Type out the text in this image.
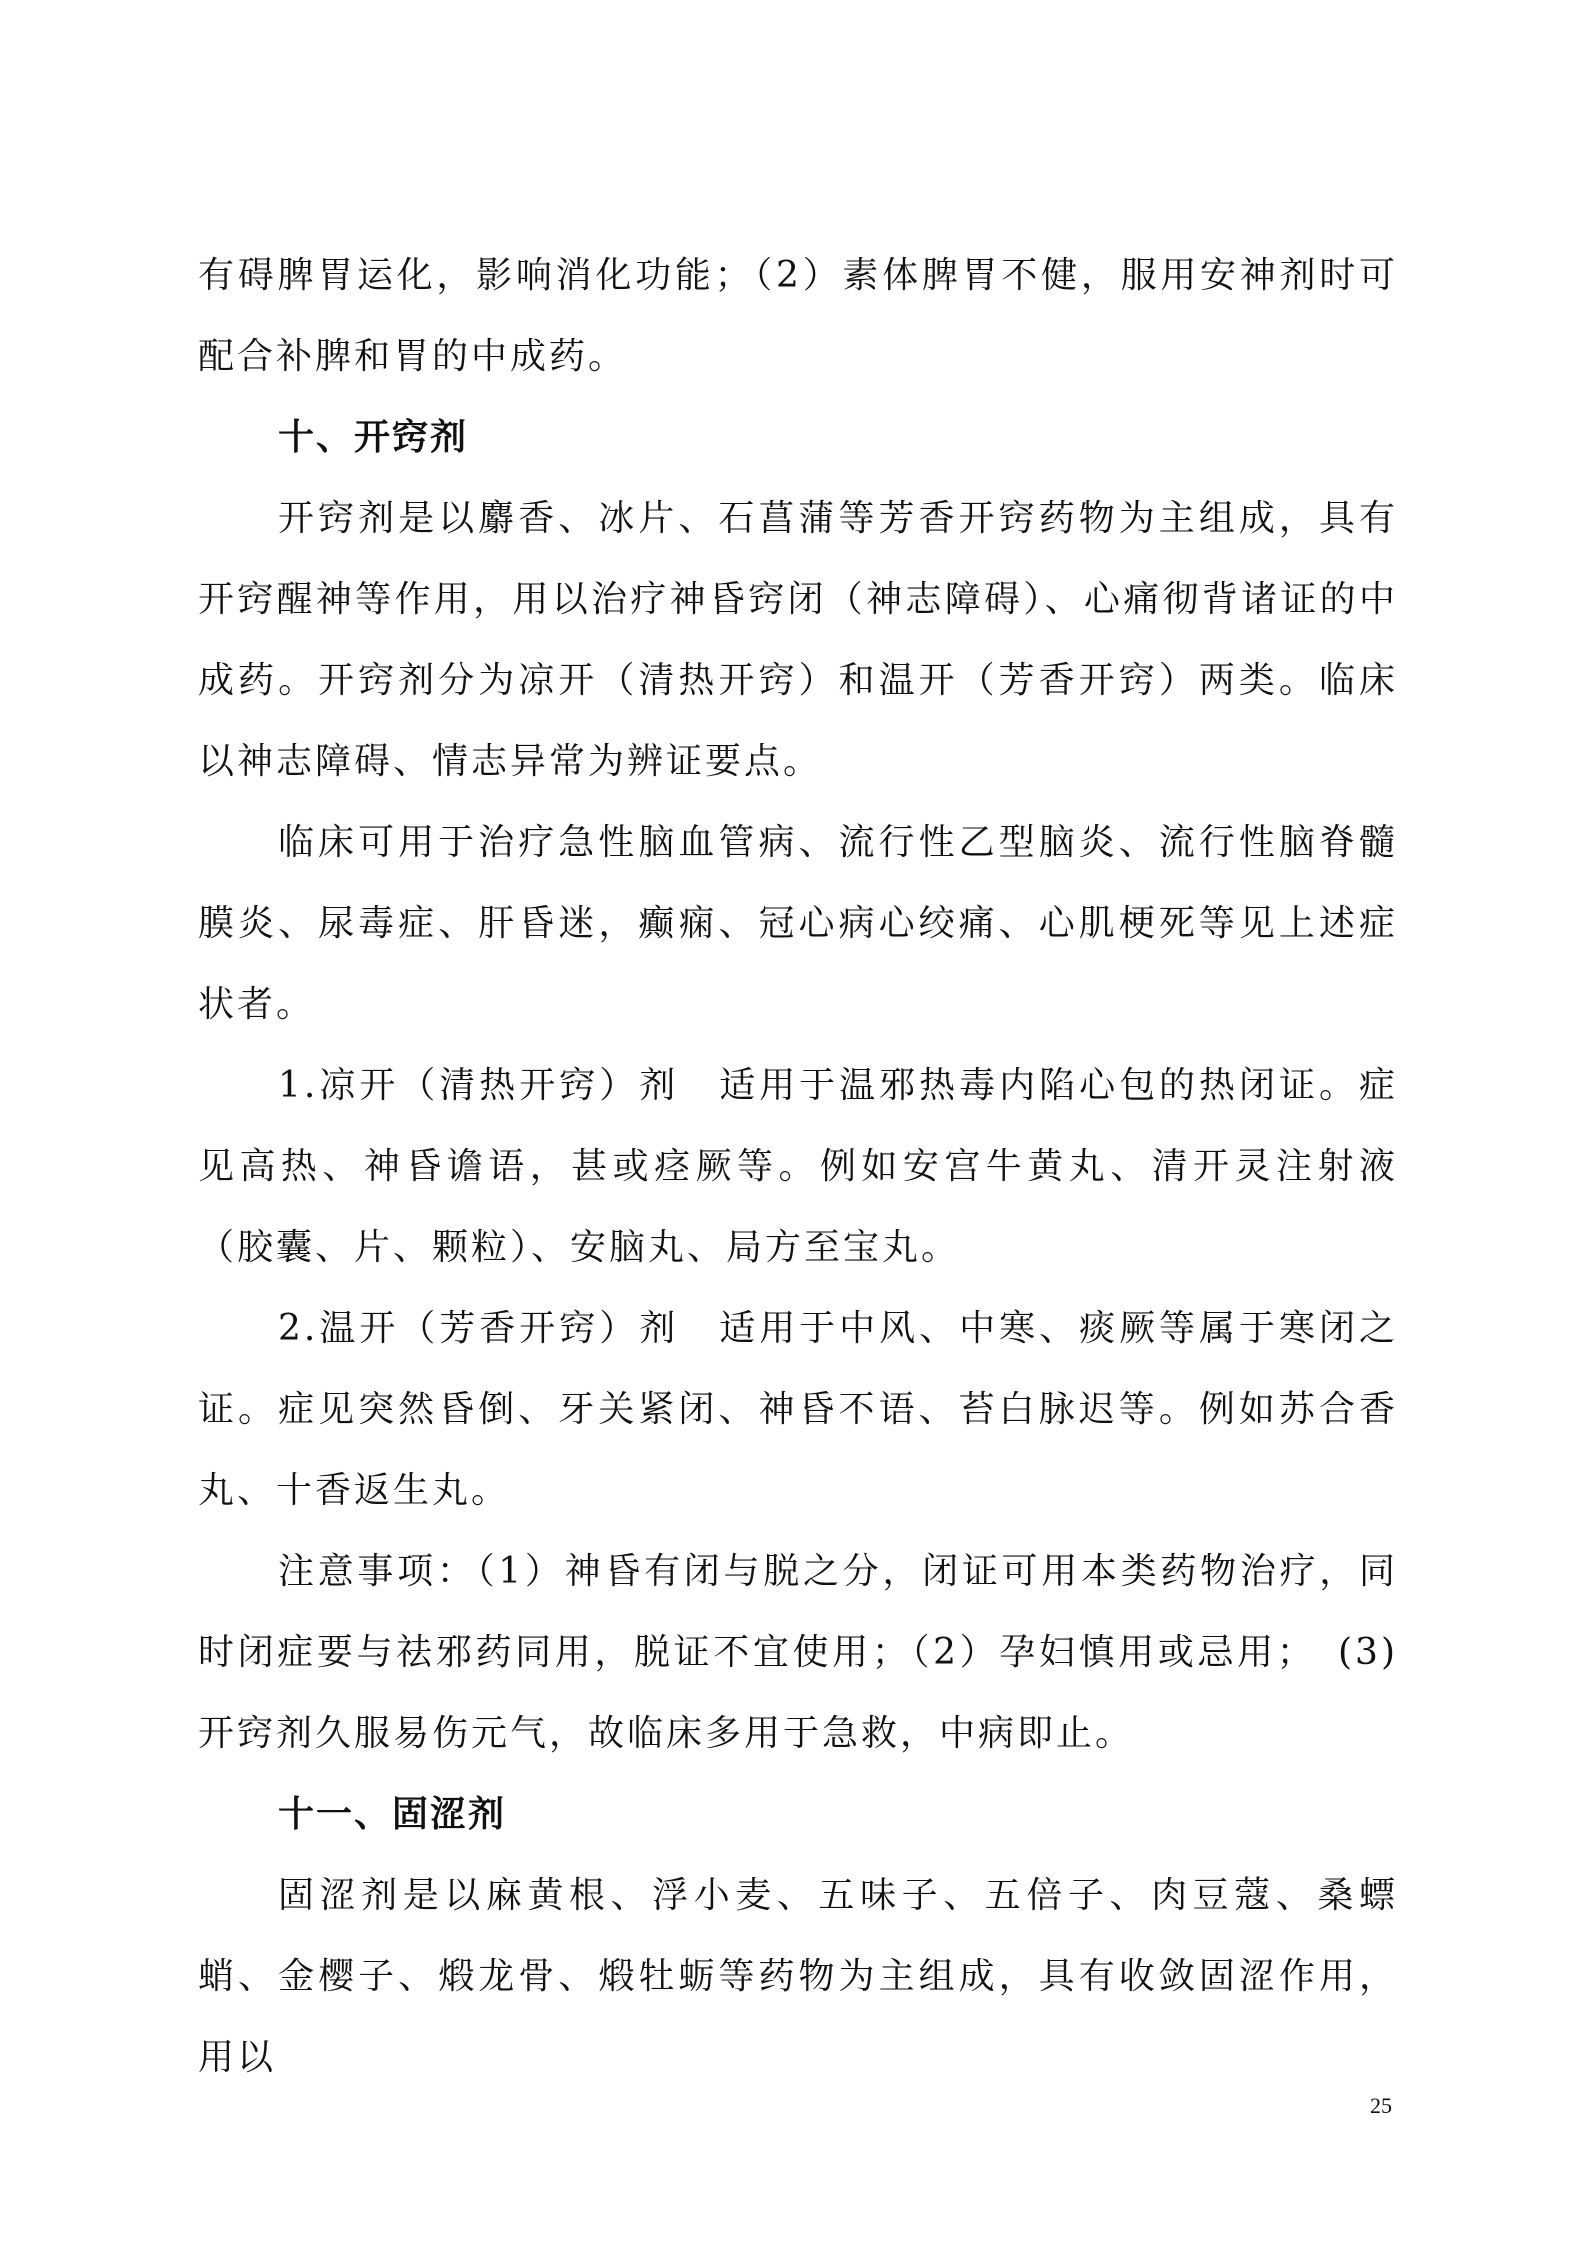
有碍脾胃运化，影响消化功能；（2）素体脾胃不健，服用安神剂时可配合补脾和胃的中成药。

十、开窍剂

开窍剂是以麝香、冰片、石菖蒲等芳香开窍药物为主组成，具有开窍醒神等作用，用以治疗神昏窍闭（神志障碍）、心痛彻背诸证的中成药。开窍剂分为凉开（清热开窍）和温开（芳香开窍）两类。临床以神志障碍、情志异常为辨证要点。

临床可用于治疗急性脑血管病、流行性乙型脑炎、流行性脑脊髓膜炎、尿毒症、肝昏迷，癫痫、冠心病心绞痛、心肌梗死等见上述症状者。

1.凉开（清热开窍）剂　适用于温邪热毒内陷心包的热闭证。症见高热、神昏谵语，甚或痉厥等。例如安宫牛黄丸、清开灵注射液（胶囊、片、颗粒）、安脑丸、局方至宝丸。

2.温开（芳香开窍）剂　适用于中风、中寒、痰厥等属于寒闭之证。症见突然昏倒、牙关紧闭、神昏不语、苔白脉迟等。例如苏合香丸、十香返生丸。

注意事项：（1）神昏有闭与脱之分，闭证可用本类药物治疗，同时闭症要与祛邪药同用，脱证不宜使用；（2）孕妇慎用或忌用；　(3)开窍剂久服易伤元气，故临床多用于急救，中病即止。

十一、固涩剂

固涩剂是以麻黄根、浮小麦、五味子、五倍子、肉豆蔻、桑螵蛸、金樱子、煅龙骨、煅牡蛎等药物为主组成，具有收敛固涩作用，用以

25
